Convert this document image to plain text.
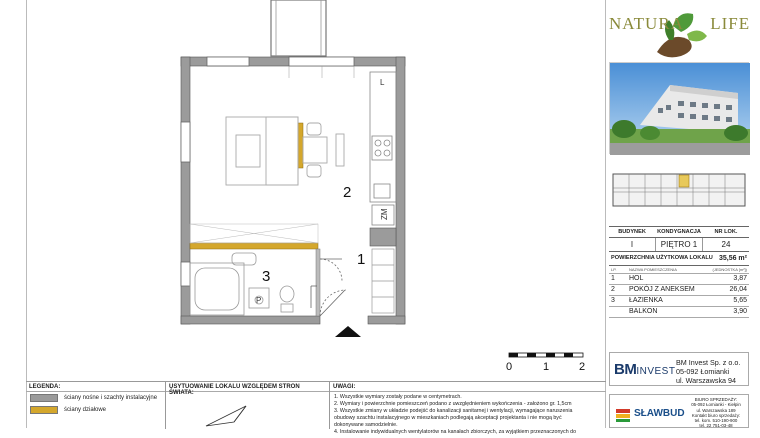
L
ZM
P
2
1
3
0	1	2
LEGENDA:
ściany nośne i szachty instalacyjne
ściany działowe
USYTUOWANIE LOKALU WZGLĘDEM STRON ŚWIATA:
UWAGI:
1. Wszystkie wymiary zostały podane w centymetrach.
2. Wymiary i powierzchnie pomieszczeń podano z uwzględnieniem wykończenia - założono gr. 1,5cm
3. Wszystkie zmiany w układzie podejść do kanalizacji sanitarnej i wentylacji, wymagające naruszenia
obudowy szachtu instalacyjnego w mieszkaniach podlegają akceptacji projektanta i nie mogą być
dokonywane samodzielnie.
4. Instalowanie indywidualnych wentylatorów na kanałach zbiorczych, za wyjątkiem przeznaczonych do
NATURA LIFE
BUDYNEK	KONDYGNACJA	NR LOK.
I	PIĘTRO 1	24
POWIERZCHNIA UŻYTKOWA LOKALU 35,56 m²
LP.	NAZWA POMIESZCZENIA	(JEDNOSTKA [m²])
1	HOL	3,87
2	POKÓJ Z ANEKSEM	26,04
3	ŁAZIENKA	5,65
BALKON	3,90
BMINVEST
BM Invest Sp. z o.o.
05-092 Łomianki
ul. Warszawska 94
SŁAWBUD
BIURO SPRZEDAŻY:
05-092 Łomianki - Kiełpin
ul. Warszawska 189
Kontakt biuro sprzedaży:
tel. kom. 510-190-900
tel. 22 751-03-48
